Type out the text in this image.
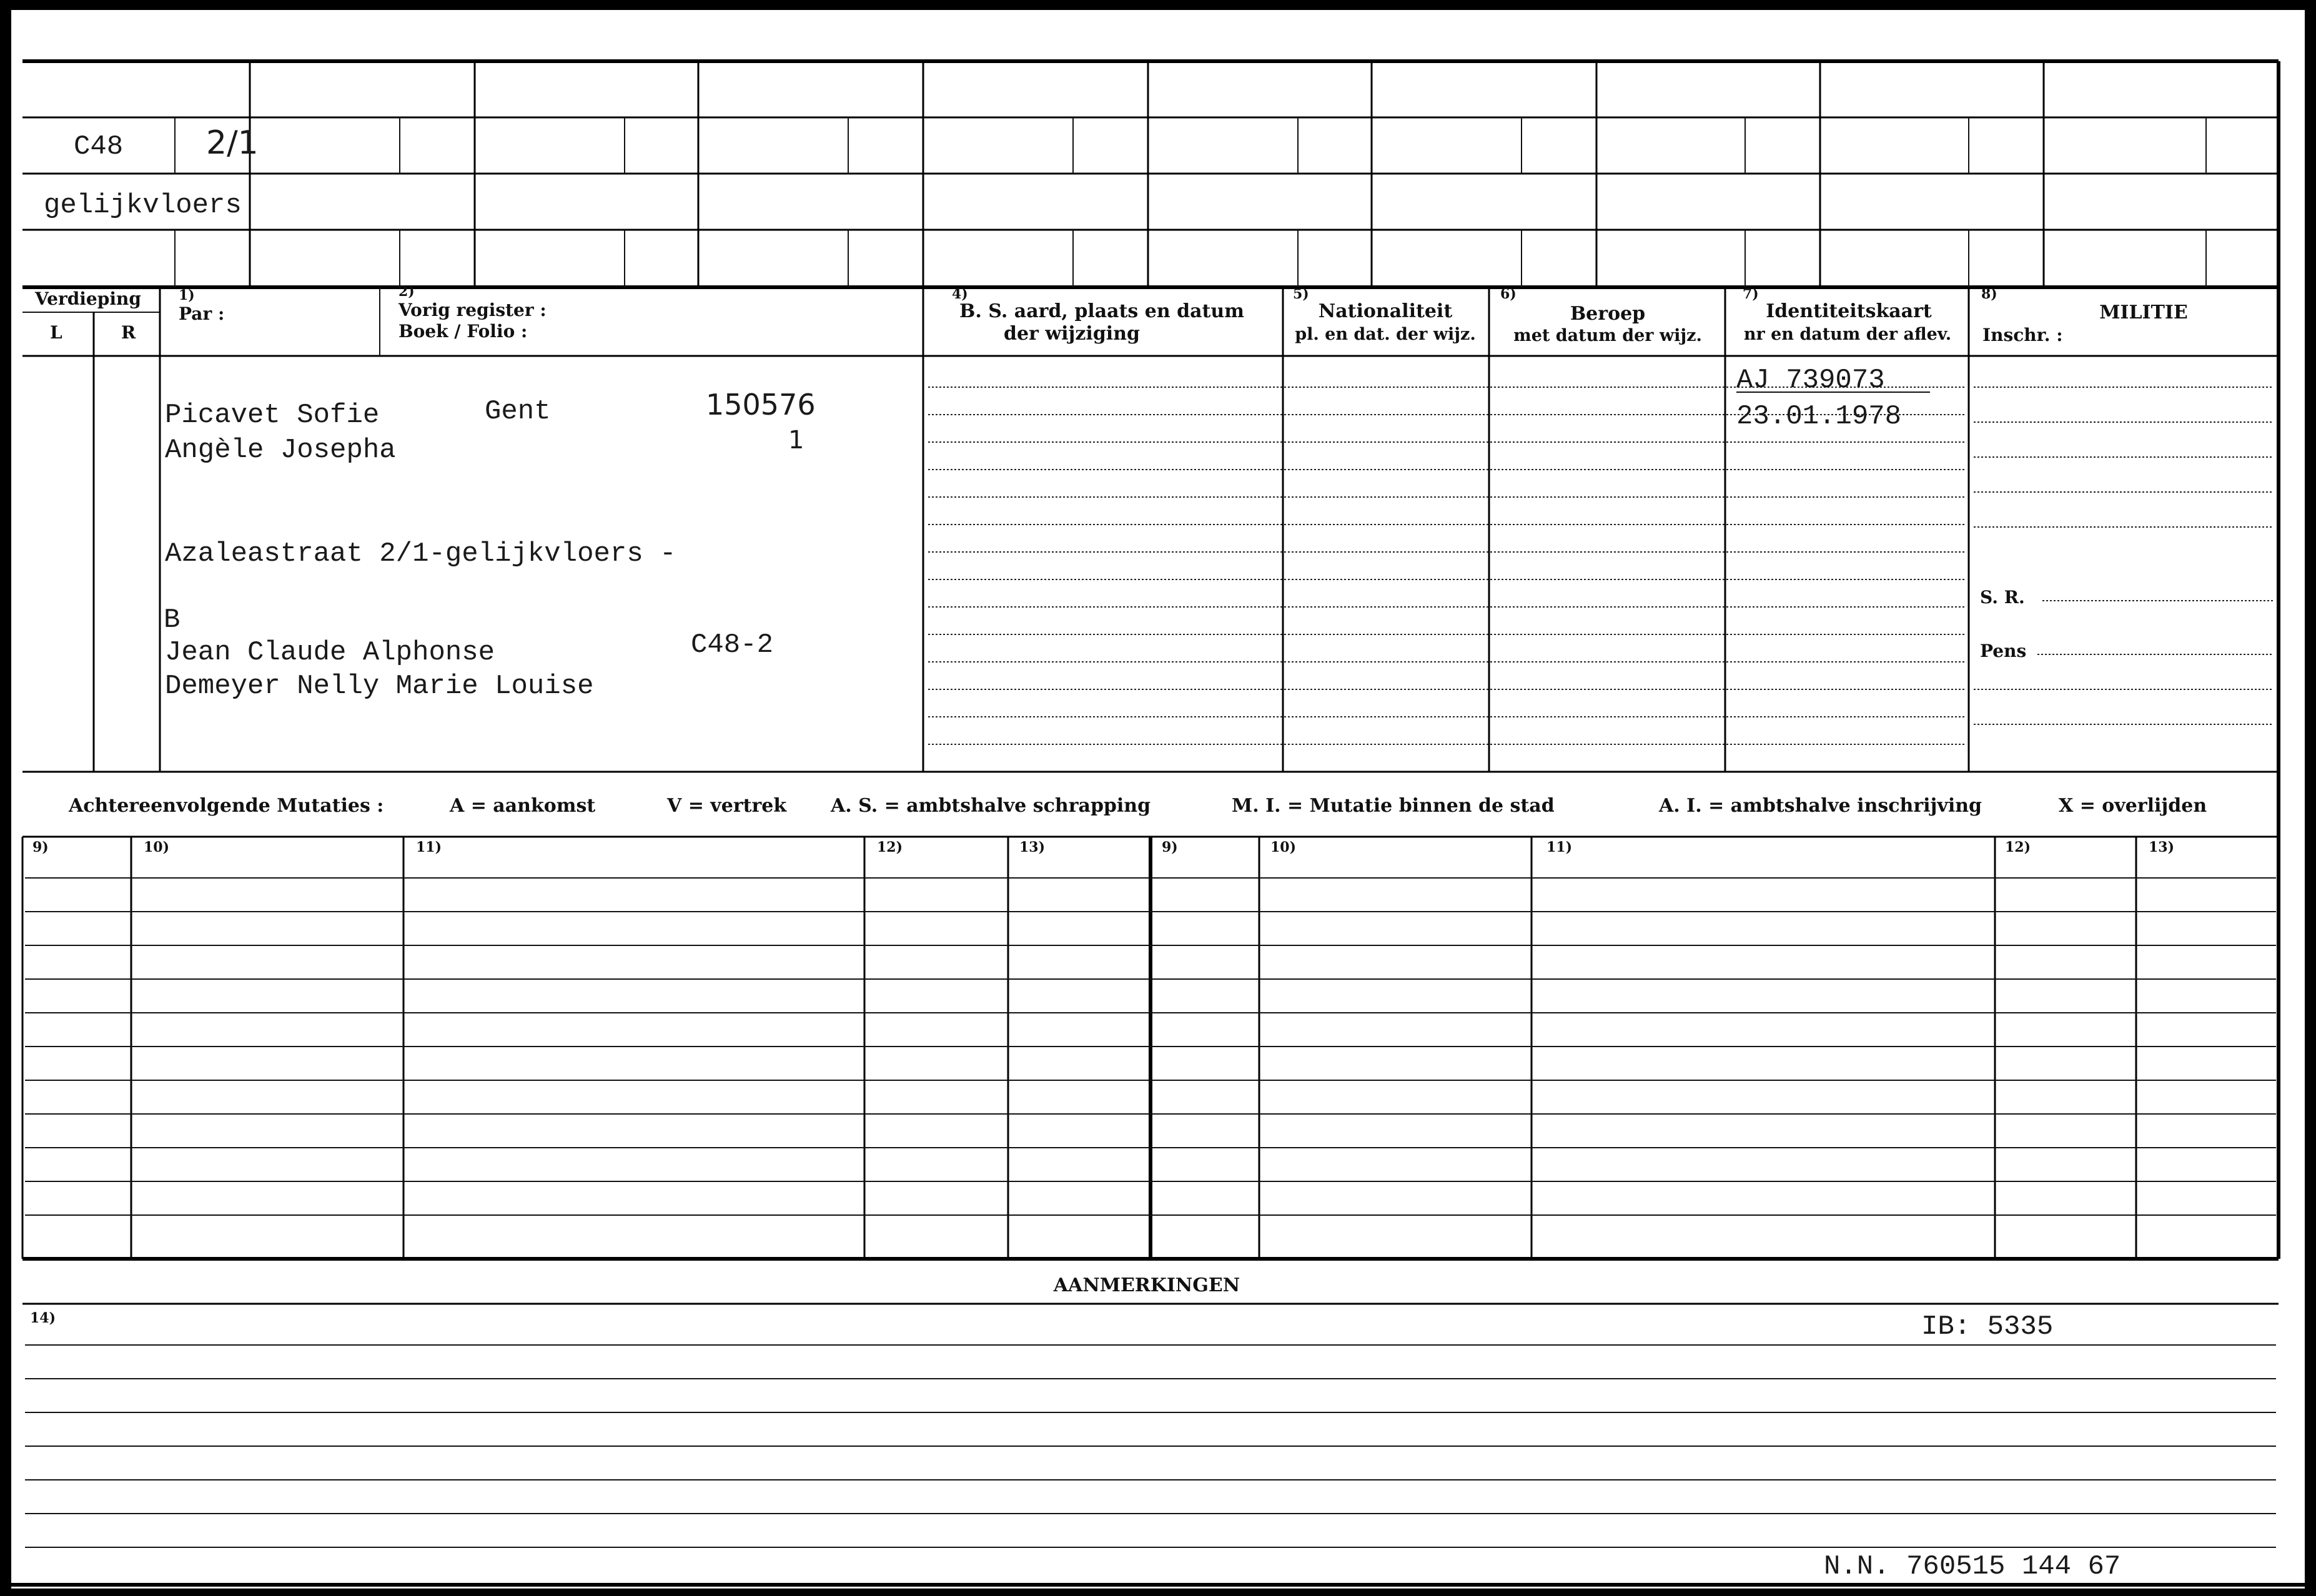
C48	2/1
gelijkvloers
Verdieping
L	R
1)
Par :
2)
Vorig register :
Boek / Folio :
4)
B. S. aard, plaats en datum
der wijziging
5)
Nationaliteit
pl. en dat. der wijz.
6)
Beroep
met datum der wijz.
7)
Identiteitskaart
nr en datum der aflev.
8)
MILITIE
Inschr. :
S. R.
Pens
Picavet Sofie	Gent	150576
1
Angèle Josepha
Azaleastraat 2/1-gelijkvloers -
B
Jean Claude Alphonse	C48-2
Demeyer Nelly Marie Louise
AJ 739073
23.01.1978
Achtereenvolgende Mutaties :	A = aankomst	V = vertrek A. S. = ambtshalve schrapping	M. I. = Mutatie binnen de stad	A. I. = ambtshalve inschrijving	X = overlijden
9)	10)	11)	12)	13)	9)	10)	11)	12)	13)
AANMERKINGEN
14)	IB: 5335
N.N. 760515 144 67
